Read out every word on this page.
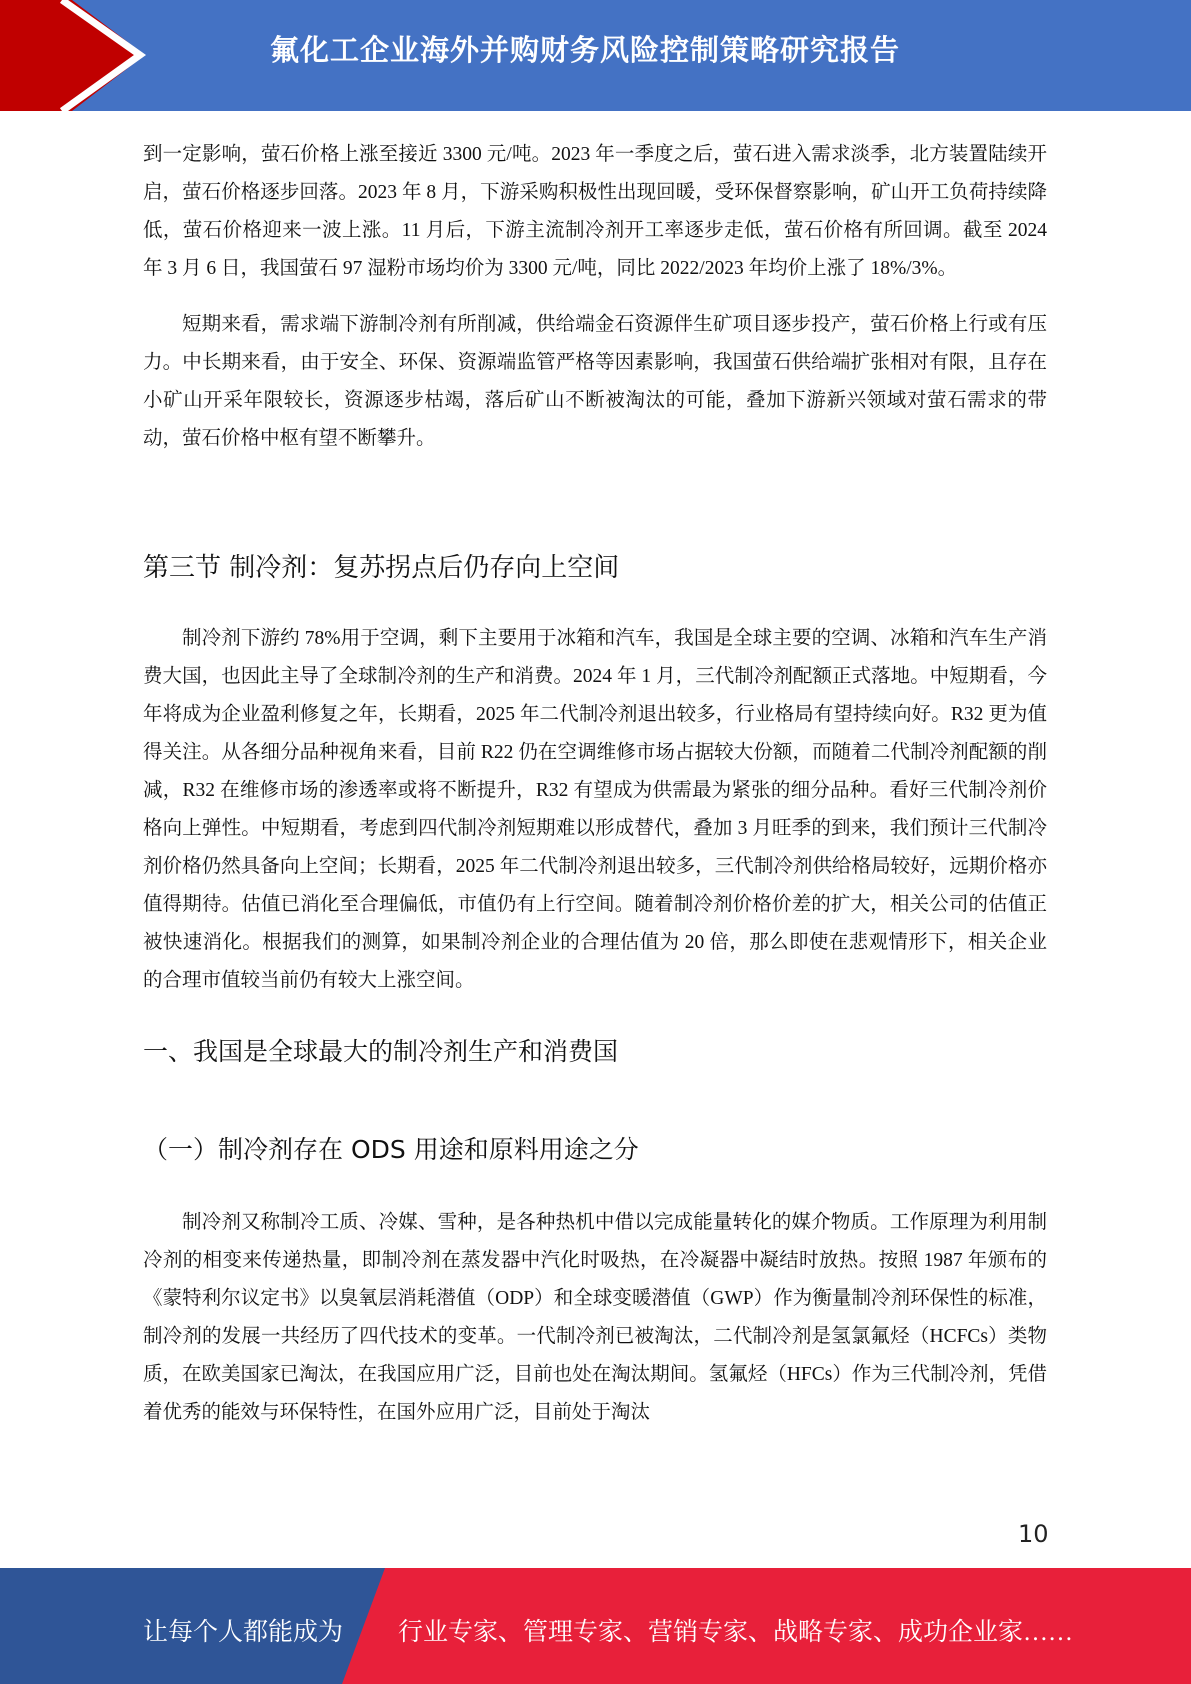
氟化工企业海外并购财务风险控制策略研究报告

到一定影响，萤石价格上涨至接近 3300 元/吨。2023 年一季度之后，萤石进入需求淡季，北方装置陆续开启，萤石价格逐步回落。2023 年 8 月，下游采购积极性出现回暖，受环保督察影响，矿山开工负荷持续降低，萤石价格迎来一波上涨。11 月后，下游主流制冷剂开工率逐步走低，萤石价格有所回调。截至 2024 年 3 月 6 日，我国萤石 97 湿粉市场均价为 3300 元/吨，同比 2022/2023 年均价上涨了 18%/3%。

短期来看，需求端下游制冷剂有所削减，供给端金石资源伴生矿项目逐步投产，萤石价格上行或有压力。中长期来看，由于安全、环保、资源端监管严格等因素影响，我国萤石供给端扩张相对有限，且存在小矿山开采年限较长，资源逐步枯竭，落后矿山不断被淘汰的可能，叠加下游新兴领域对萤石需求的带动，萤石价格中枢有望不断攀升。

第三节 制冷剂：复苏拐点后仍存向上空间

制冷剂下游约 78%用于空调，剩下主要用于冰箱和汽车，我国是全球主要的空调、冰箱和汽车生产消费大国，也因此主导了全球制冷剂的生产和消费。2024 年 1 月，三代制冷剂配额正式落地。中短期看，今年将成为企业盈利修复之年，长期看，2025 年二代制冷剂退出较多，行业格局有望持续向好。R32 更为值得关注。从各细分品种视角来看，目前 R22 仍在空调维修市场占据较大份额，而随着二代制冷剂配额的削减，R32 在维修市场的渗透率或将不断提升，R32 有望成为供需最为紧张的细分品种。看好三代制冷剂价格向上弹性。中短期看，考虑到四代制冷剂短期难以形成替代，叠加 3 月旺季的到来，我们预计三代制冷剂价格仍然具备向上空间；长期看，2025 年二代制冷剂退出较多，三代制冷剂供给格局较好，远期价格亦值得期待。估值已消化至合理偏低，市值仍有上行空间。随着制冷剂价格价差的扩大，相关公司的估值正被快速消化。根据我们的测算，如果制冷剂企业的合理估值为 20 倍，那么即使在悲观情形下，相关企业的合理市值较当前仍有较大上涨空间。

一、我国是全球最大的制冷剂生产和消费国
（一）制冷剂存在 ODS 用途和原料用途之分

制冷剂又称制冷工质、冷媒、雪种，是各种热机中借以完成能量转化的媒介物质。工作原理为利用制冷剂的相变来传递热量，即制冷剂在蒸发器中汽化时吸热，在冷凝器中凝结时放热。按照 1987 年颁布的《蒙特利尔议定书》以臭氧层消耗潜值（ODP）和全球变暖潜值（GWP）作为衡量制冷剂环保性的标准，制冷剂的发展一共经历了四代技术的变革。一代制冷剂已被淘汰，二代制冷剂是氢氯氟烃（HCFCs）类物质，在欧美国家已淘汰，在我国应用广泛，目前也处在淘汰期间。氢氟烃（HFCs）作为三代制冷剂，凭借着优秀的能效与环保特性，在国外应用广泛，目前处于淘汰

10
让每个人都能成为 行业专家、管理专家、营销专家、战略专家、成功企业家……
